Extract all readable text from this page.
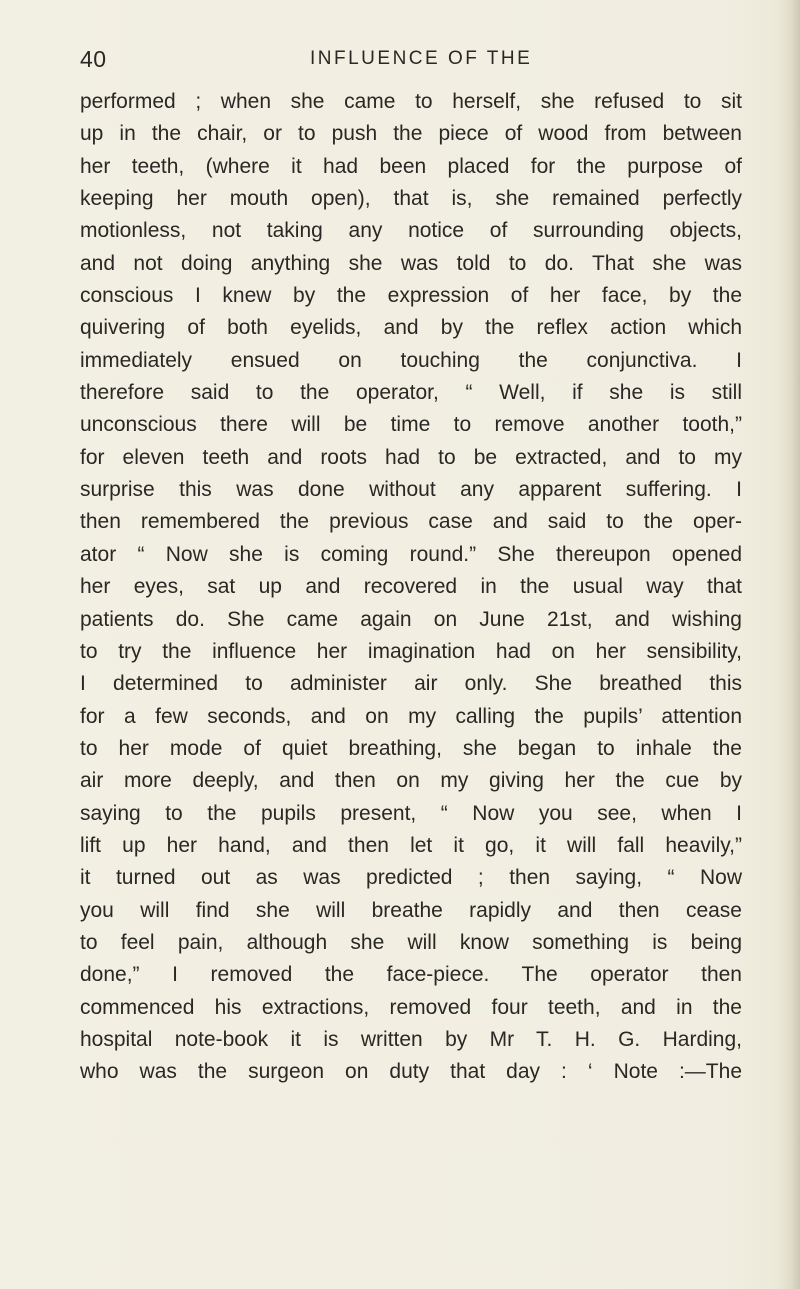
40	INFLUENCE OF THE
performed ; when she came to herself, she refused to sit
up in the chair, or to push the piece of wood from between
her teeth, (where it had been placed for the purpose of
keeping her mouth open), that is, she remained perfectly
motionless, not taking any notice of surrounding objects,
and not doing anything she was told to do. That she was
conscious I knew by the expression of her face, by the
quivering of both eyelids, and by the reflex action which
immediately ensued on touching the conjunctiva. I
therefore said to the operator, “ Well, if she is still
unconscious there will be time to remove another tooth,”
for eleven teeth and roots had to be extracted, and to my
surprise this was done without any apparent suffering. I
then remembered the previous case and said to the oper-
ator “ Now she is coming round.” She thereupon opened
her eyes, sat up and recovered in the usual way that
patients do. She came again on June 21st, and wishing
to try the influence her imagination had on her sensibility,
I determined to administer air only. She breathed this
for a few seconds, and on my calling the pupils’ attention
to her mode of quiet breathing, she began to inhale the
air more deeply, and then on my giving her the cue by
saying to the pupils present, “ Now you see, when I
lift up her hand, and then let it go, it will fall heavily,”
it turned out as was predicted ; then saying, “ Now
you will find she will breathe rapidly and then cease
to feel pain, although she will know something is being
done,” I removed the face-piece. The operator then
commenced his extractions, removed four teeth, and in the
hospital note-book it is written by Mr T. H. G. Harding,
who was the surgeon on duty that day : ‘ Note :—The
